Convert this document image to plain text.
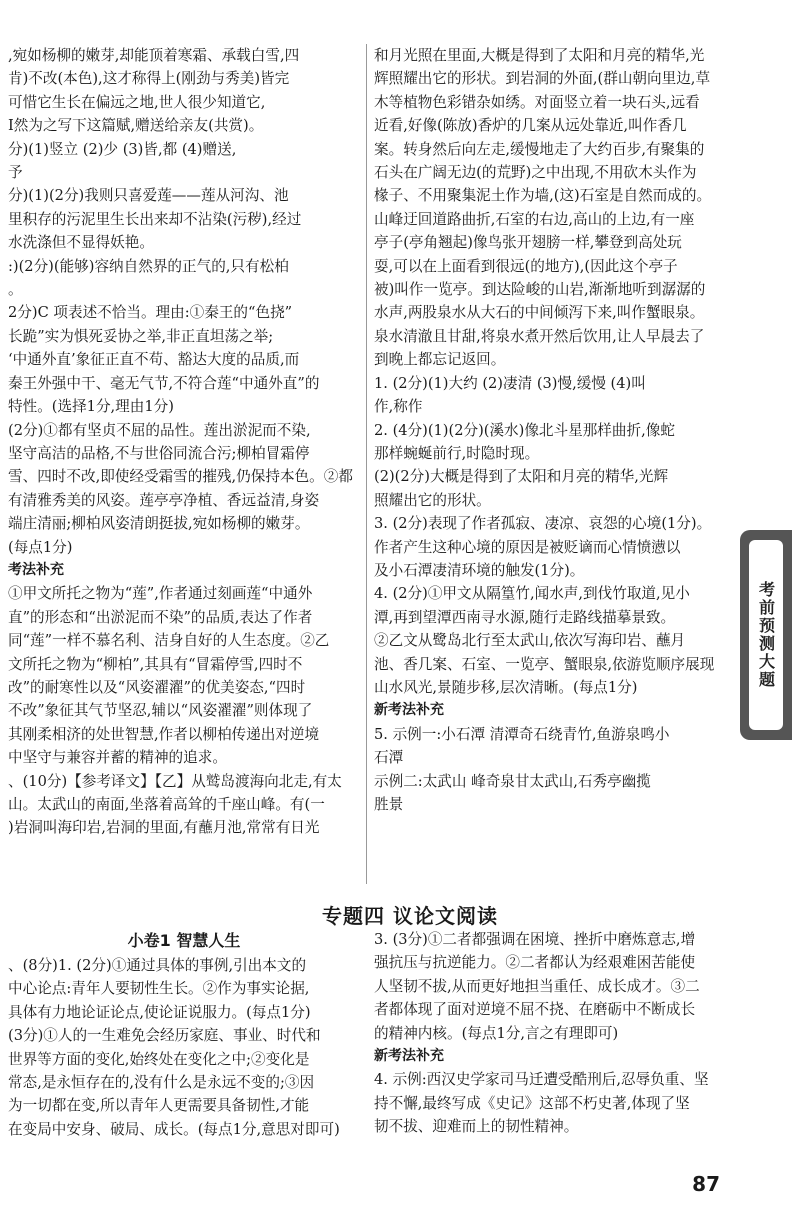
,宛如杨柳的嫩芽,却能顶着寒霜、承载白雪,四

肯)不改(本色),这才称得上(刚劲与秀美)皆完

可惜它生长在偏远之地,世人很少知道它,

I然为之写下这篇赋,赠送给亲友(共赏)。

分)(1)竖立 (2)少 (3)皆,都 (4)赠送,

予

分)(1)(2分)我则只喜爱莲——莲从河沟、池

里积存的污泥里生长出来却不沾染(污秽),经过

水洗涤但不显得妖艳。

:)(2分)(能够)容纳自然界的正气的,只有松柏

。

2分)C 项表述不恰当。理由:①秦王的“色挠”

长跪”实为惧死妥协之举,非正直坦荡之举;

‘中通外直’象征正直不苟、豁达大度的品质,而

秦王外强中干、毫无气节,不符合莲“中通外直”的

特性。(选择1分,理由1分)

(2分)①都有坚贞不屈的品性。莲出淤泥而不染,

坚守高洁的品格,不与世俗同流合污;柳柏冒霜停

雪、四时不改,即使经受霜雪的摧残,仍保持本色。②都

有清雅秀美的风姿。莲亭亭净植、香远益清,身姿

端庄清丽;柳柏风姿清朗挺拔,宛如杨柳的嫩芽。

(每点1分)

考法补充

①甲文所托之物为“莲”,作者通过刻画莲“中通外

直”的形态和“出淤泥而不染”的品质,表达了作者

同“莲”一样不慕名利、洁身自好的人生态度。②乙

文所托之物为“柳柏”,其具有“冒霜停雪,四时不

改”的耐寒性以及“风姿濯濯”的优美姿态,“四时

不改”象征其气节坚忍,辅以“风姿濯濯”则体现了

其刚柔相济的处世智慧,作者以柳柏传递出对逆境

中坚守与兼容并蓄的精神的追求。

、(10分)【参考译文】【乙】从鹫岛渡海向北走,有太

山。太武山的南面,坐落着高耸的千座山峰。有(一

)岩洞叫海印岩,岩洞的里面,有蘸月池,常常有日光

和月光照在里面,大概是得到了太阳和月亮的精华,光

辉照耀出它的形状。到岩洞的外面,(群山朝向里边,草

木等植物色彩错杂如绣。对面竖立着一块石头,远看

近看,好像(陈放)香炉的几案从远处靠近,叫作香几

案。转身然后向左走,缓慢地走了大约百步,有聚集的

石头在广阔无边(的荒野)之中出现,不用砍木头作为

椽子、不用聚集泥土作为墙,(这)石室是自然而成的。

山峰迂回道路曲折,石室的右边,高山的上边,有一座

亭子(亭角翘起)像鸟张开翅膀一样,攀登到高处玩

耍,可以在上面看到很远(的地方),(因此这个亭子

被)叫作一览亭。到达险峻的山岩,渐渐地听到潺潺的

水声,两股泉水从大石的中间倾泻下来,叫作蟹眼泉。

泉水清澈且甘甜,将泉水煮开然后饮用,让人早晨去了

到晚上都忘记返回。

1. (2分)(1)大约 (2)凄清 (3)慢,缓慢 (4)叫

作,称作

2. (4分)(1)(2分)(溪水)像北斗星那样曲折,像蛇

那样蜿蜒前行,时隐时现。

(2)(2分)大概是得到了太阳和月亮的精华,光辉

照耀出它的形状。

3. (2分)表现了作者孤寂、凄凉、哀怨的心境(1分)。

作者产生这种心境的原因是被贬谪而心情愤懑以

及小石潭凄清环境的触发(1分)。

4. (2分)①甲文从隔篁竹,闻水声,到伐竹取道,见小

潭,再到望潭西南寻水源,随行走路线描摹景致。

②乙文从鹭岛北行至太武山,依次写海印岩、蘸月

池、香几案、石室、一览亭、蟹眼泉,依游览顺序展现

山水风光,景随步移,层次清晰。(每点1分)

新考法补充

5. 示例一:小石潭 清潭奇石绕青竹,鱼游泉鸣小

石潭

示例二:太武山 峰奇泉甘太武山,石秀亭幽揽

胜景

专题四 议论文阅读
小卷1 智慧人生

、(8分)1. (2分)①通过具体的事例,引出本文的

中心论点:青年人要韧性生长。②作为事实论据,

具体有力地论证论点,使论证说服力。(每点1分)

(3分)①人的一生难免会经历家庭、事业、时代和

世界等方面的变化,始终处在变化之中;②变化是

常态,是永恒存在的,没有什么是永远不变的;③因

为一切都在变,所以青年人更需要具备韧性,才能

在变局中安身、破局、成长。(每点1分,意思对即可)

3. (3分)①二者都强调在困境、挫折中磨炼意志,增

强抗压与抗逆能力。②二者都认为经艰难困苦能使

人坚韧不拔,从而更好地担当重任、成长成才。③二

者都体现了面对逆境不屈不挠、在磨砺中不断成长

的精神内核。(每点1分,言之有理即可)

新考法补充

4. 示例:西汉史学家司马迁遭受酷刑后,忍辱负重、坚

持不懈,最终写成《史记》这部不朽史著,体现了坚

韧不拔、迎难而上的韧性精神。

考前预测大题
87
